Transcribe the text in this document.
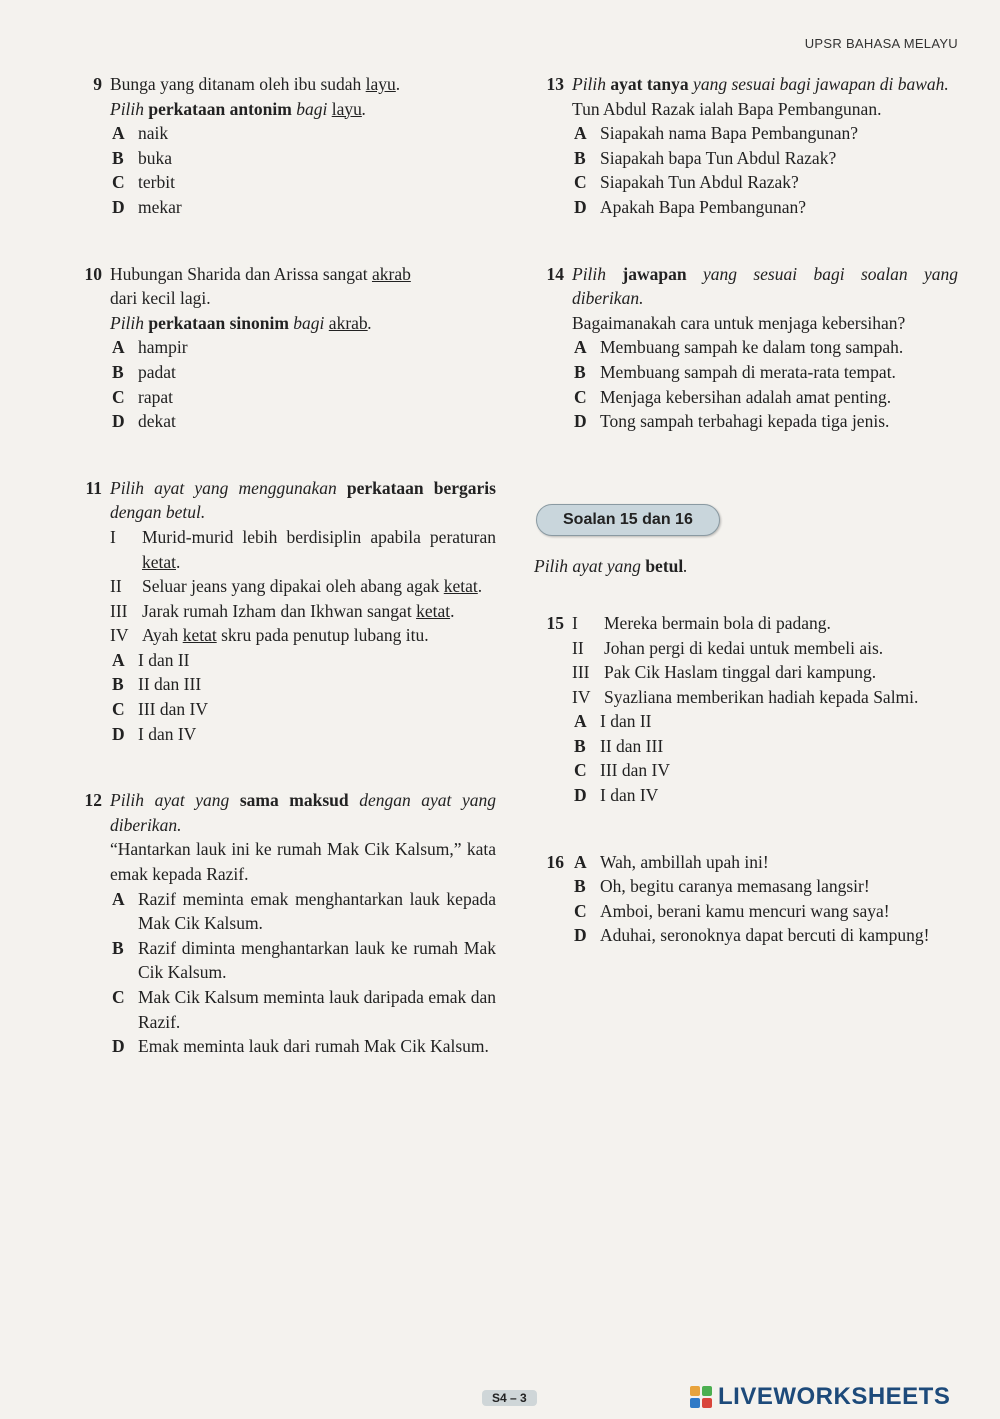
UPSR BAHASA MELAYU
9 Bunga yang ditanam oleh ibu sudah layu.
Pilih perkataan antonim bagi layu.
A naik
B buka
C terbit
D mekar
10 Hubungan Sharida dan Arissa sangat akrab
dari kecil lagi.
Pilih perkataan sinonim bagi akrab.
A hampir
B padat
C rapat
D dekat
11 Pilih ayat yang menggunakan perkataan bergaris dengan betul.
I Murid-murid lebih berdisiplin apabila peraturan ketat.
II Seluar jeans yang dipakai oleh abang agak ketat.
III Jarak rumah Izham dan Ikhwan sangat ketat.
IV Ayah ketat skru pada penutup lubang itu.
A I dan II
B II dan III
C III dan IV
D I dan IV
12 Pilih ayat yang sama maksud dengan ayat yang diberikan.
“Hantarkan lauk ini ke rumah Mak Cik Kalsum,” kata emak kepada Razif.
A Razif meminta emak menghantarkan lauk kepada Mak Cik Kalsum.
B Razif diminta menghantarkan lauk ke rumah Mak Cik Kalsum.
C Mak Cik Kalsum meminta lauk daripada emak dan Razif.
D Emak meminta lauk dari rumah Mak Cik Kalsum.
13 Pilih ayat tanya yang sesuai bagi jawapan di bawah.
Tun Abdul Razak ialah Bapa Pembangunan.
A Siapakah nama Bapa Pembangunan?
B Siapakah bapa Tun Abdul Razak?
C Siapakah Tun Abdul Razak?
D Apakah Bapa Pembangunan?
14 Pilih jawapan yang sesuai bagi soalan yang diberikan.
Bagaimanakah cara untuk menjaga kebersihan?
A Membuang sampah ke dalam tong sampah.
B Membuang sampah di merata-rata tempat.
C Menjaga kebersihan adalah amat penting.
D Tong sampah terbahagi kepada tiga jenis.
Soalan 15 dan 16
Pilih ayat yang betul.
15 I Mereka bermain bola di padang.
II Johan pergi di kedai untuk membeli ais.
III Pak Cik Haslam tinggal dari kampung.
IV Syazliana memberikan hadiah kepada Salmi.
A I dan II
B II dan III
C III dan IV
D I dan IV
16 A Wah, ambillah upah ini!
B Oh, begitu caranya memasang langsir!
C Amboi, berani kamu mencuri wang saya!
D Aduhai, seronoknya dapat bercuti di kampung!
S4 – 3	LIVEWORKSHEETS
